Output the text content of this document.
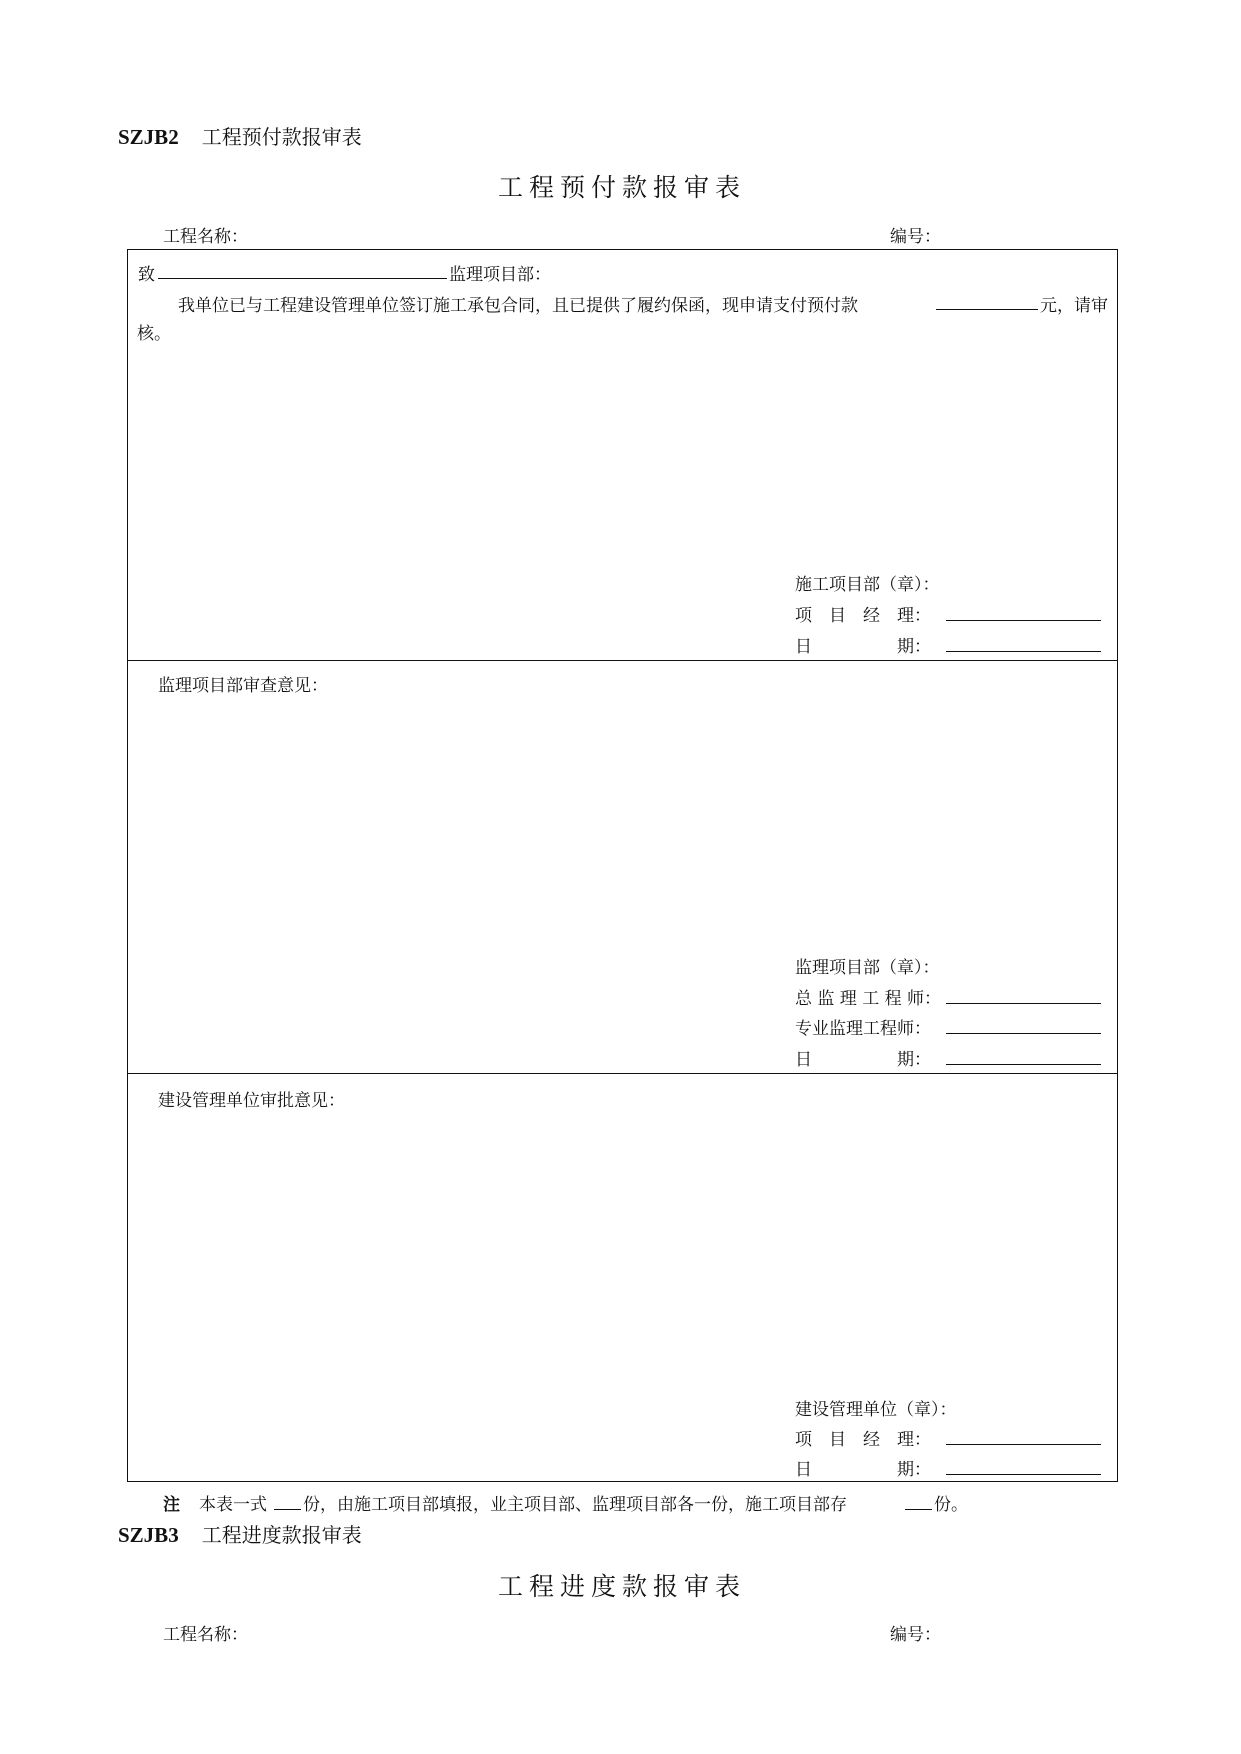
SZJB2 工程预付款报审表
工程预付款报审表
工程名称：	编号：
致	监理项目部：
我单位已与工程建设管理单位签订施工承包合同，且已提供了履约保函，现申请支付预付款	元，请审
核。
施工项目部（章）：
项　目　经　理：
日　　　　　期：
监理项目部审查意见：
监理项目部（章）：
总 监 理 工 程 师：
专业监理工程师：
日　　　　　期：
建设管理单位审批意见：
建设管理单位（章）：
项　目　经　理：
日　　　　　期：
注 本表一式 份，由施工项目部填报，业主项目部、监理项目部各一份，施工项目部存	份。
SZJB3 工程进度款报审表
工程进度款报审表
工程名称：	编号：
